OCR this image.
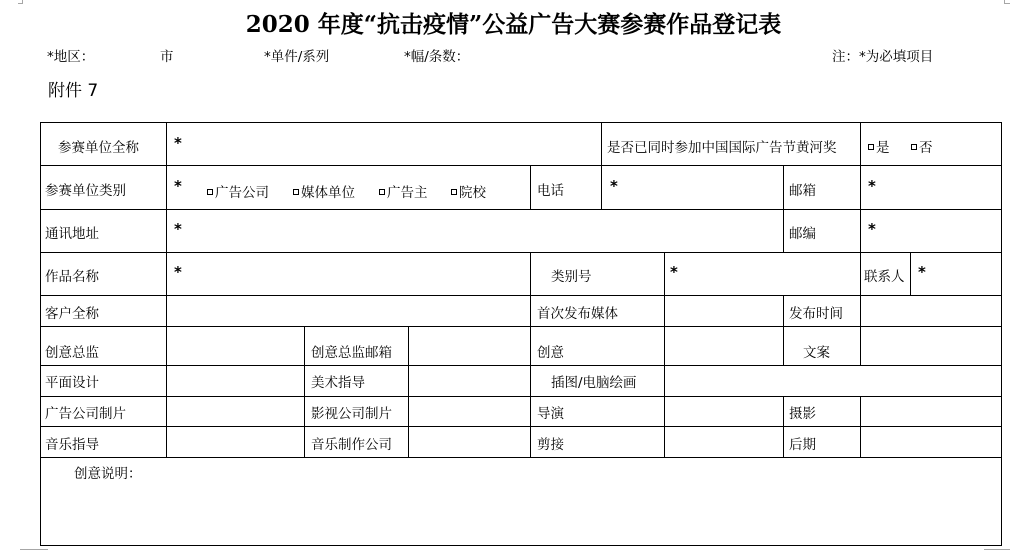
2020 年度“抗击疫情”公益广告大赛参赛作品登记表
*地区：	市	*单件/系列	*幅/条数：	注：*为必填项目
附件 7
参赛单位全称 *	是否已同时参加中国国际广告节黄河奖	是	否
参赛单位类别	*	广告公司	媒体单位	广告主	院校	电话	*	邮箱	*
通讯地址	*	邮编	*
作品名称	*	类别号	*	联系人 *
客户全称	首次发布媒体	发布时间
创意总监	创意总监邮箱	创意	文案
平面设计	美术指导	插图/电脑绘画
广告公司制片	影视公司制片	导演	摄影
音乐指导	音乐制作公司	剪接	后期
创意说明：
